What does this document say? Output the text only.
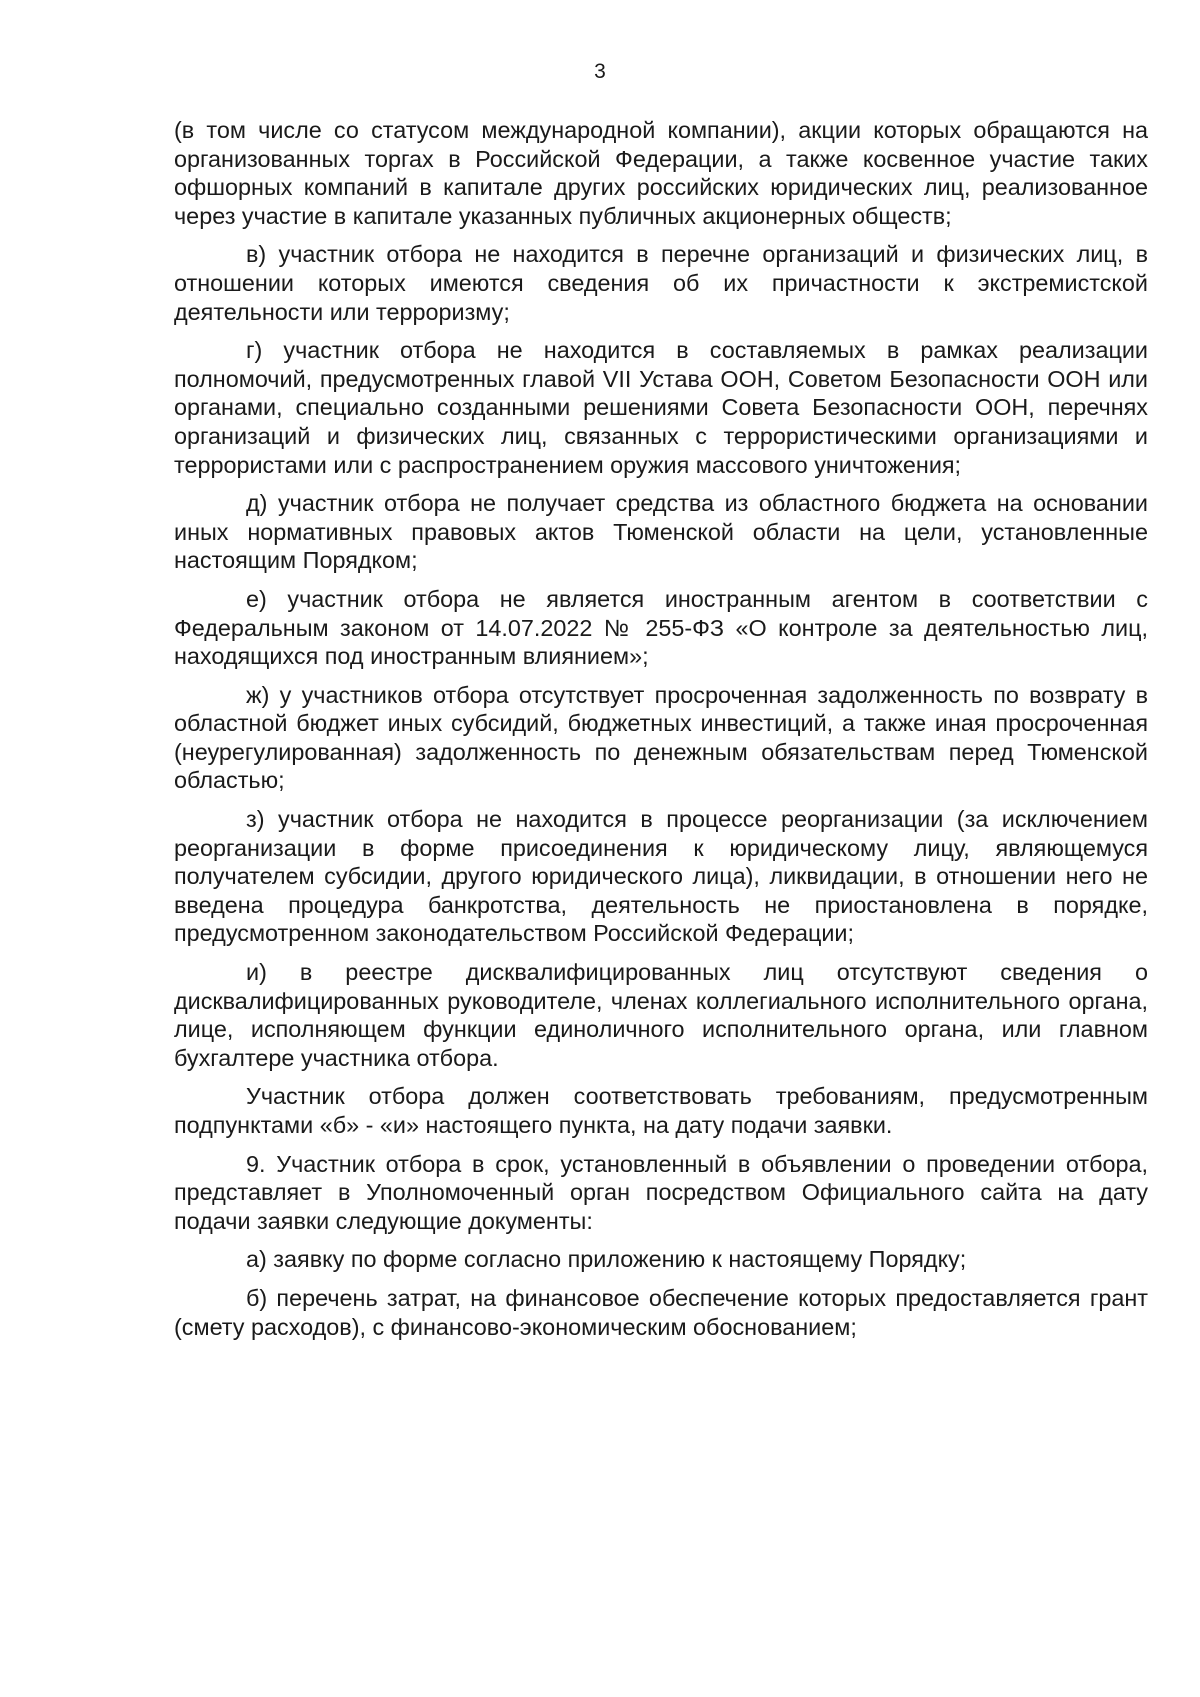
3

(в том числе со статусом международной компании), акции которых обращаются на организованных торгах в Российской Федерации, а также косвенное участие таких офшорных компаний в капитале других российских юридических лиц, реализованное через участие в капитале указанных публичных акционерных обществ;

в) участник отбора не находится в перечне организаций и физических лиц, в отношении которых имеются сведения об их причастности к экстремистской деятельности или терроризму;

г) участник отбора не находится в составляемых в рамках реализации полномочий, предусмотренных главой VII Устава ООН, Советом Безопасности ООН или органами, специально созданными решениями Совета Безопасности ООН, перечнях организаций и физических лиц, связанных с террористическими организациями и террористами или с распространением оружия массового уничтожения;

д) участник отбора не получает средства из областного бюджета на основании иных нормативных правовых актов Тюменской области на цели, установленные настоящим Порядком;

е) участник отбора не является иностранным агентом в соответствии с Федеральным законом от 14.07.2022 № 255-ФЗ «О контроле за деятельностью лиц, находящихся под иностранным влиянием»;

ж) у участников отбора отсутствует просроченная задолженность по возврату в областной бюджет иных субсидий, бюджетных инвестиций, а также иная просроченная (неурегулированная) задолженность по денежным обязательствам перед Тюменской областью;

з) участник отбора не находится в процессе реорганизации (за исключением реорганизации в форме присоединения к юридическому лицу, являющемуся получателем субсидии, другого юридического лица), ликвидации, в отношении него не введена процедура банкротства, деятельность не приостановлена в порядке, предусмотренном законодательством Российской Федерации;

и) в реестре дисквалифицированных лиц отсутствуют сведения о дисквалифицированных руководителе, членах коллегиального исполнительного органа, лице, исполняющем функции единоличного исполнительного органа, или главном бухгалтере участника отбора.

Участник отбора должен соответствовать требованиям, предусмотренным подпунктами «б» - «и» настоящего пункта, на дату подачи заявки.

9. Участник отбора в срок, установленный в объявлении о проведении отбора, представляет в Уполномоченный орган посредством Официального сайта на дату подачи заявки следующие документы:

а) заявку по форме согласно приложению к настоящему Порядку;

б) перечень затрат, на финансовое обеспечение которых предоставляется грант (смету расходов), с финансово-экономическим обоснованием;
